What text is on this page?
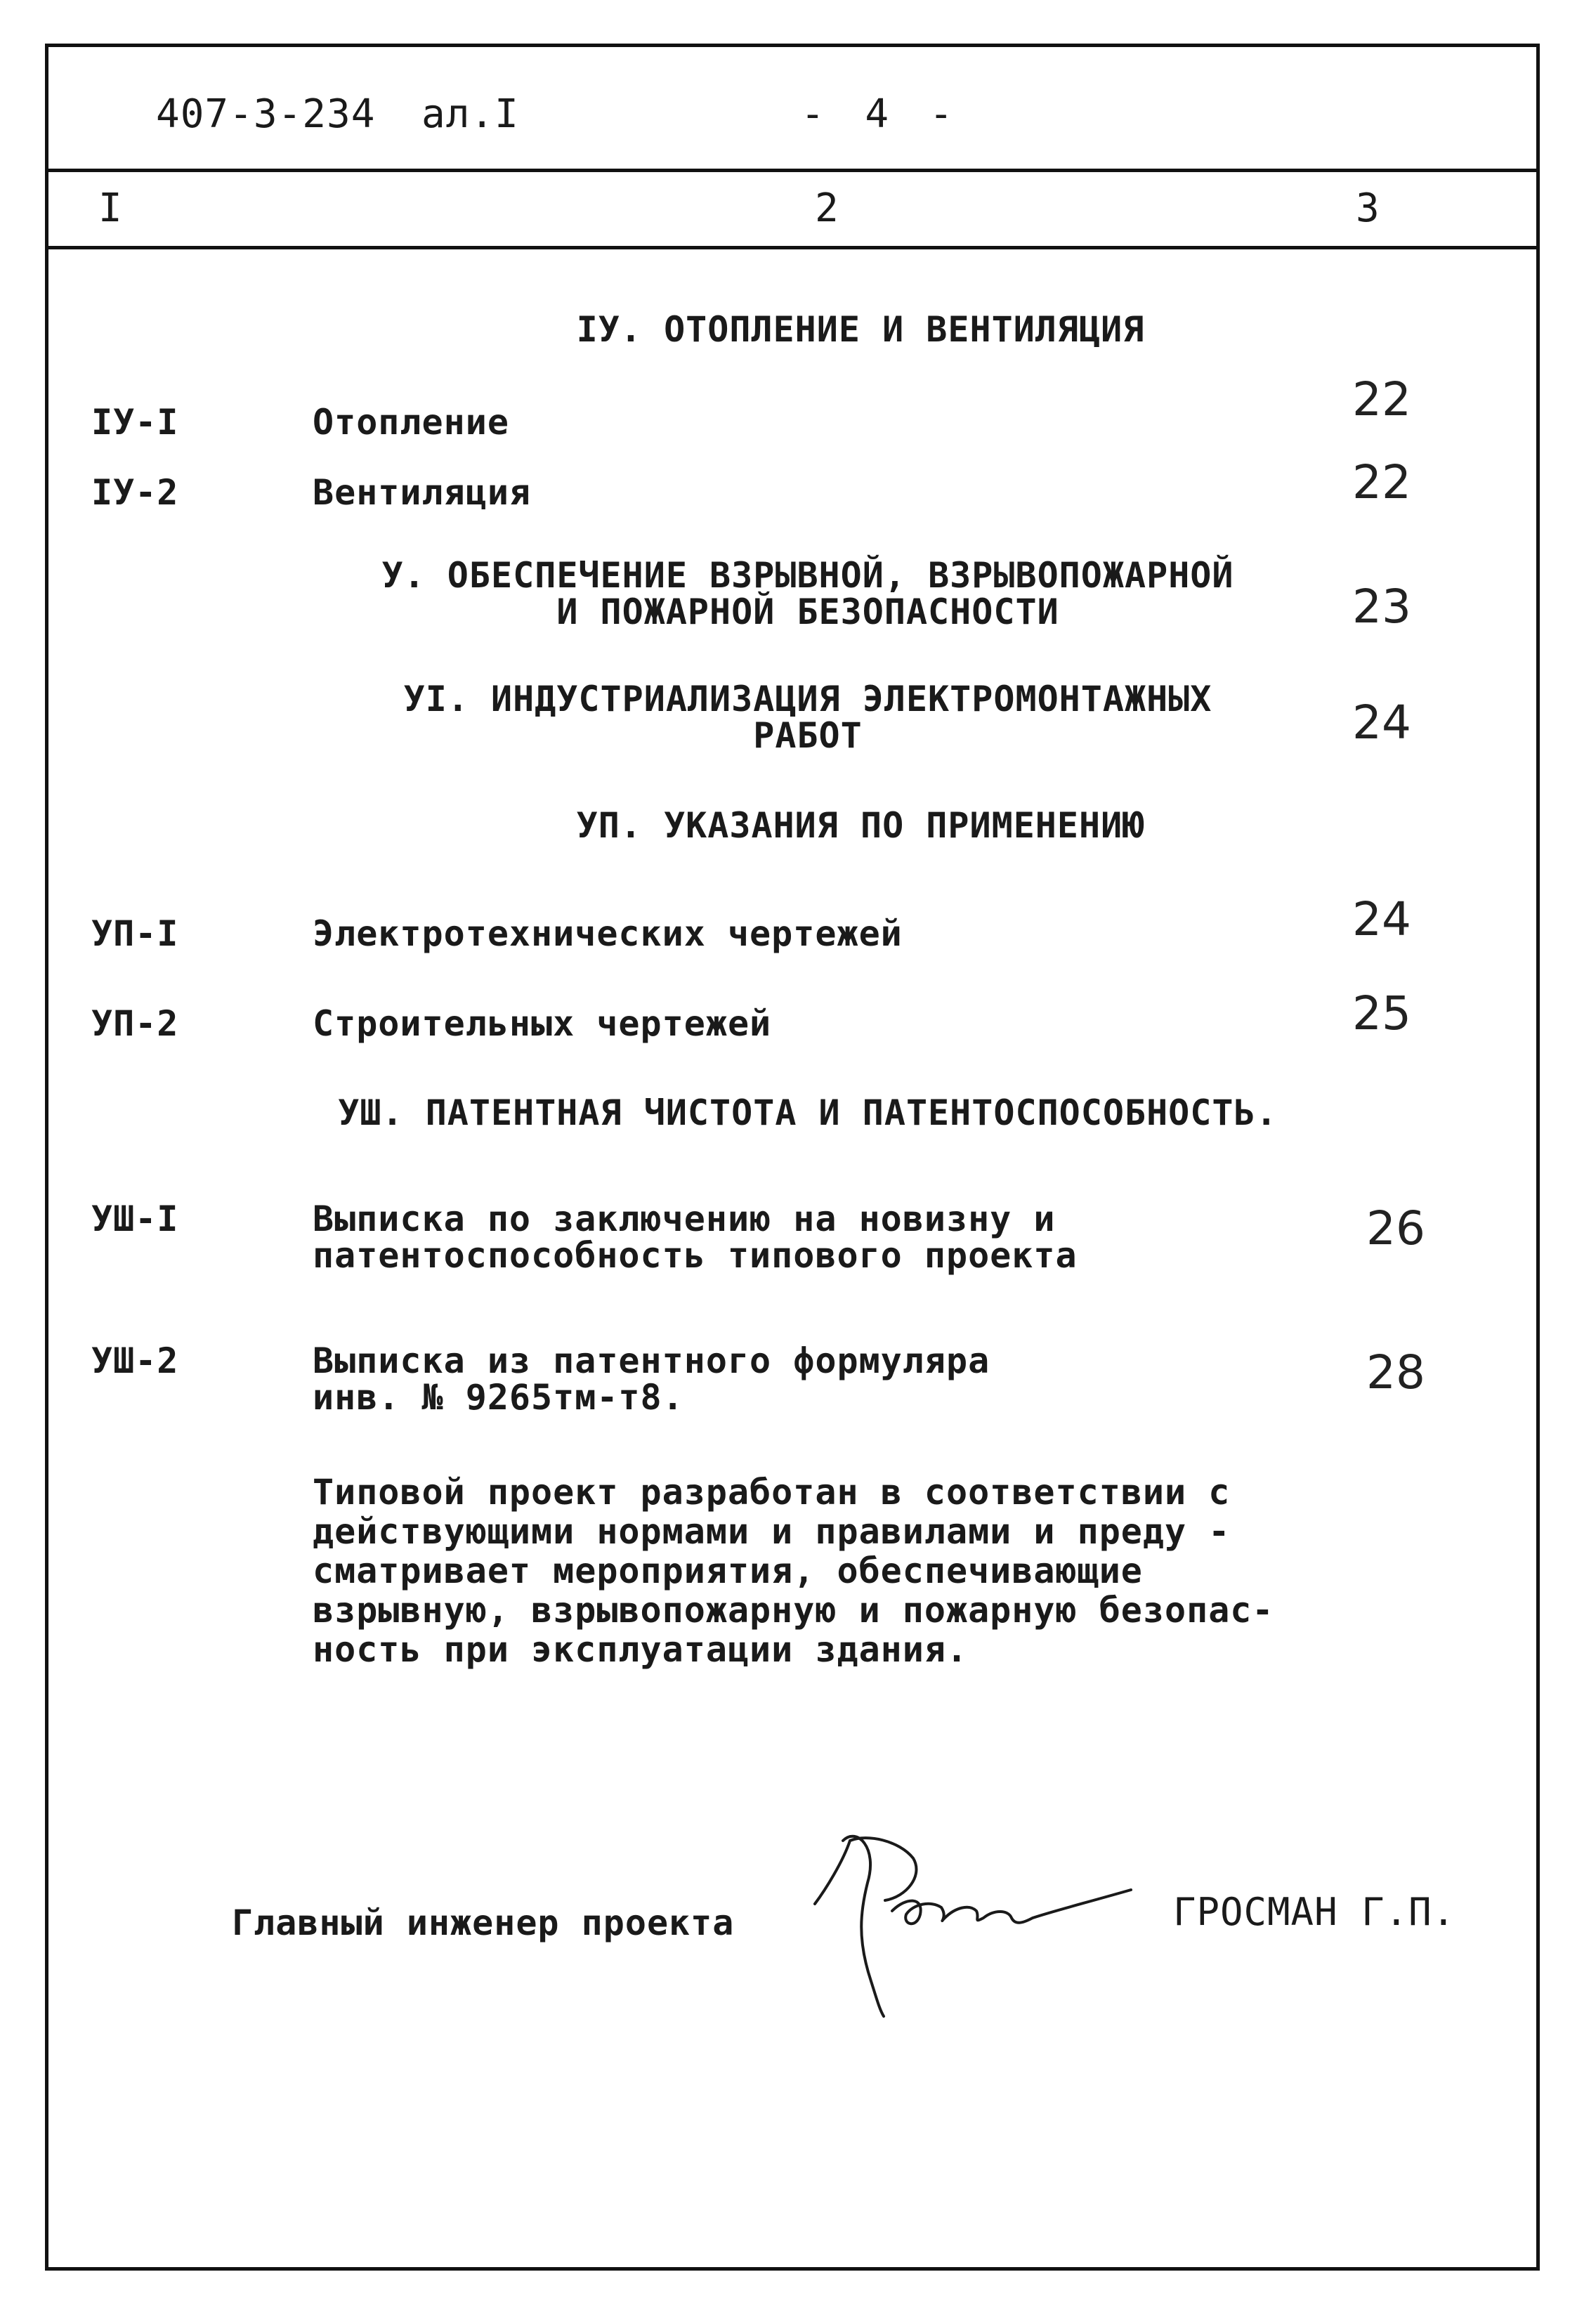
407-3-234 ал.I	- 4 -
I	2	3
IУ. ОТОПЛЕНИЕ И ВЕНТИЛЯЦИЯ
IУ-I	Отопление	22
IУ-2	Вентиляция	22
У. ОБЕСПЕЧЕНИЕ ВЗРЫВНОЙ, ВЗРЫВОПОЖАРНОЙ
И ПОЖАРНОЙ БЕЗОПАСНОСТИ	23
УI. ИНДУСТРИАЛИЗАЦИЯ ЭЛЕКТРОМОНТАЖНЫХ
РАБОТ	24
УП. УКАЗАНИЯ ПО ПРИМЕНЕНИЮ
УП-I	Электротехнических чертежей	24
УП-2	Строительных чертежей	25
УШ. ПАТЕНТНАЯ ЧИСТОТА И ПАТЕНТОСПОСОБНОСТЬ.
УШ-I	Выписка по заключению на новизну и
патентоспособность типового проекта	26
УШ-2	Выписка из патентного формуляра
инв. № 9265тм-т8.	28
Типовой проект разработан в соответствии с
действующими нормами и правилами и преду -
сматривает мероприятия, обеспечивающие
взрывную, взрывопожарную и пожарную безопас-
ность при эксплуатации здания.
Главный инженер проекта	ГРОСМАН Г.П.
